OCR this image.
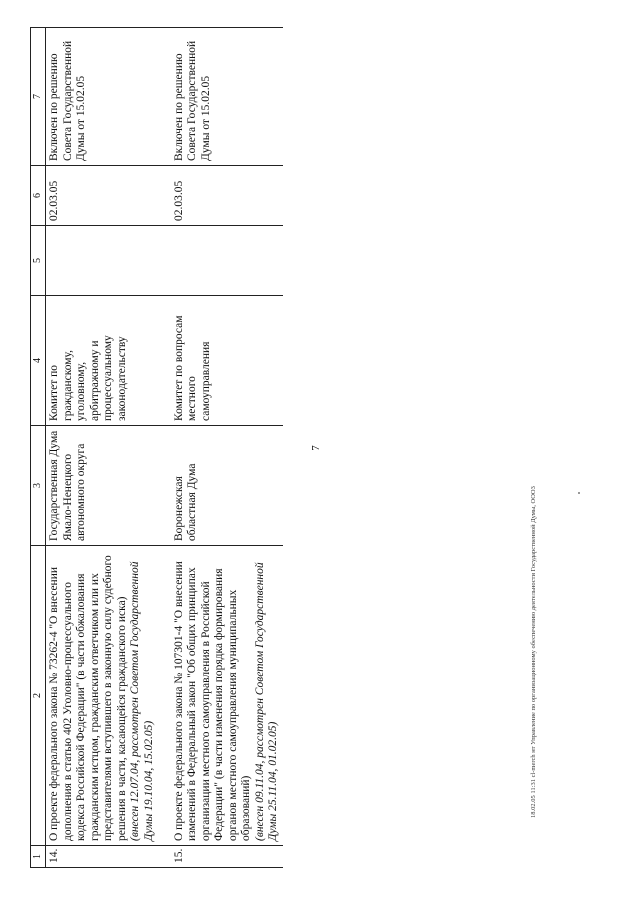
1	2	3	4	5	6	7
14.	О проекте федерального закона № 73262-4 "О внесении дополнения в статью 402 Уголовно-процессуального кодекса Российской Федерации" (в части обжалования гражданским истцом, гражданским ответчиком или их представителями вступившего в законную силу судебного решения в части, касающейся гражданского иска) (внесен 12.07.04, рассмотрен Советом Государственной Думы 19.10.04, 15.02.05)	Государственная Дума Ямало-Ненецкого автономного округа	Комитет по гражданскому, уголовному, арбитражному и процессуальному законодательству		02.03.05	Включен по решению Совета Государственной Думы от 15.02.05

15.	О проекте федерального закона № 107301-4 "О внесении изменений в Федеральный закон "Об общих принципах организации местного самоуправления в Российской Федерации" (в части изменения порядка формирования органов местного самоуправления муниципальных образований) (внесен 09.11.04, рассмотрен Советом Государственной Думы 25.11.04, 01.02.05)	Воронежская областная Дума	Комитет по вопросам местного самоуправления		02.03.05	Включен по решению Совета Государственной Думы от 15.02.05
7
18.02.05 11:31 сl-merch нт Управление по организационному обеспечению деятельности Государственной Думы, ООО3
